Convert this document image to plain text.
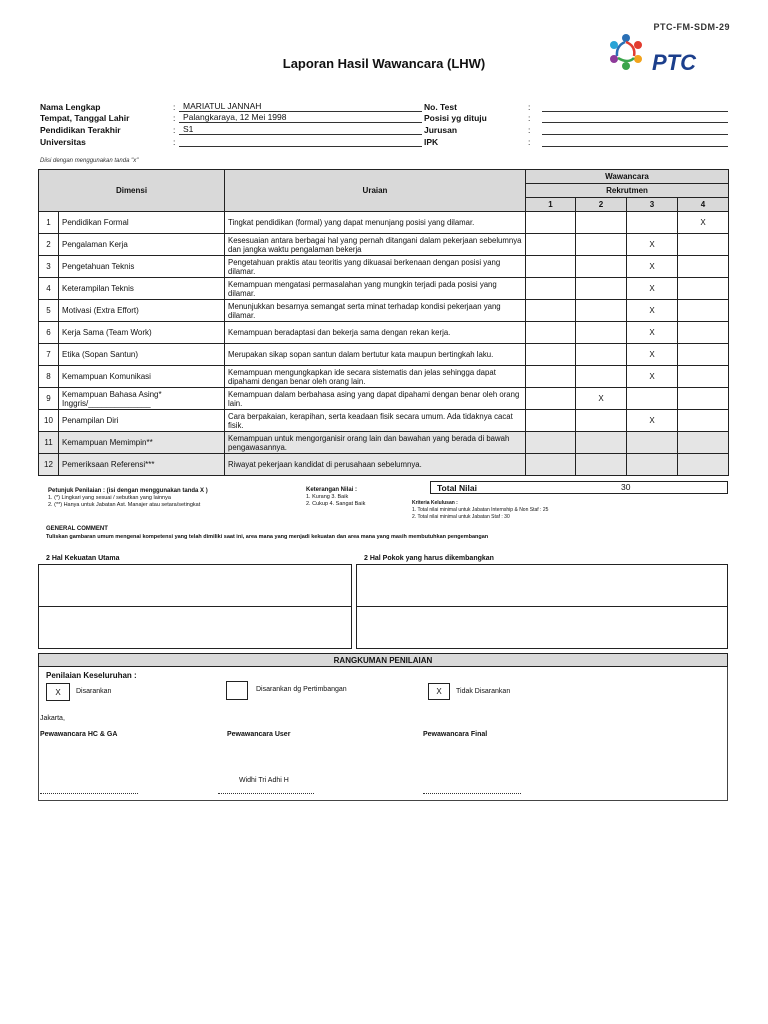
PTC-FM-SDM-29
PTC
Laporan Hasil Wawancara (LHW)
Nama Lengkap	: MARIATUL JANNAH
Tempat, Tanggal Lahir	: Palangkaraya, 12 Mei 1998
Pendidikan Terakhir	: S1
Universitas	:
No. Test	:
Posisi yg dituju	:
Jurusan	:
IPK	:
Diisi dengan menggunakan tanda "x"
Dimensi		Uraian	Wawancara			
			Rekrutmen			
			1	2	3	4
1	Pendidikan Formal	Tingkat pendidikan (formal) yang dapat menunjang posisi yang dilamar.				X
2	Pengalaman Kerja	Kesesuaian antara berbagai hal yang pernah ditangani dalam pekerjaan sebelumnya dan jangka waktu pengalaman bekerja			X	
3	Pengetahuan Teknis	Pengetahuan praktis atau teoritis yang dikuasai berkenaan dengan posisi yang dilamar.			X	
4	Keterampilan Teknis	Kemampuan mengatasi permasalahan yang mungkin terjadi pada posisi yang dilamar.			X	
5	Motivasi (Extra Effort)	Menunjukkan besarnya semangat serta minat terhadap kondisi pekerjaan yang dilamar.			X	
6	Kerja Sama (Team Work)	Kemampuan beradaptasi dan bekerja sama dengan rekan kerja.			X	
7	Etika (Sopan Santun)	Merupakan sikap sopan santun dalam bertutur kata maupun bertingkah laku.			X	
8	Kemampuan Komunikasi	Kemampuan mengungkapkan ide secara sistematis dan jelas sehingga dapat dipahami dengan benar oleh orang lain.			X	
9	Kemampuan Bahasa Asing* Inggris/______________	Kemampuan dalam berbahasa asing yang dapat dipahami dengan benar oleh orang lain.		X		
10	Penampilan Diri	Cara berpakaian, kerapihan, serta keadaan fisik secara umum. Ada tidaknya cacat fisik.			X	
11	Kemampuan Memimpin**	Kemampuan untuk mengorganisir orang lain dan bawahan yang berada di bawah pengawasannya.				
12	Pemeriksaan Referensi***	Riwayat pekerjaan kandidat di perusahaan sebelumnya.				
Total Nilai	30
Petunjuk Penilaian : (isi dengan menggunakan tanda X )
1. (*) Lingkari yang sesuai / sebutkan yang lainnya
2. (**) Hanya untuk Jabatan Ast. Manajer atau setara/setingkat
Keterangan Nilai :
1. Kurang 3. Baik
2. Cukup 4. Sangat Baik	Kriteria Kelulusan :
1. Total nilai minimal untuk Jabatan Internship & Non Staf : 25
2. Total nilai minimal untuk Jabatan Staf : 30
GENERAL COMMENT
Tuliskan gambaran umum mengenai kompetensi yang telah dimiliki saat ini, area mana yang menjadi kekuatan dan area mana yang masih membutuhkan pengembangan
2 Hal Kekuatan Utama	2 Hal Pokok yang harus dikembangkan
RANGKUMAN PENILAIAN
Penilaian Keseluruhan :
X	Disarankan	Disarankan dg Pertimbangan	X	Tidak Disarankan
Jakarta,
Pewawancara HC & GA	Pewawancara User	Pewawancara Final
Widhi Tri Adhi H
